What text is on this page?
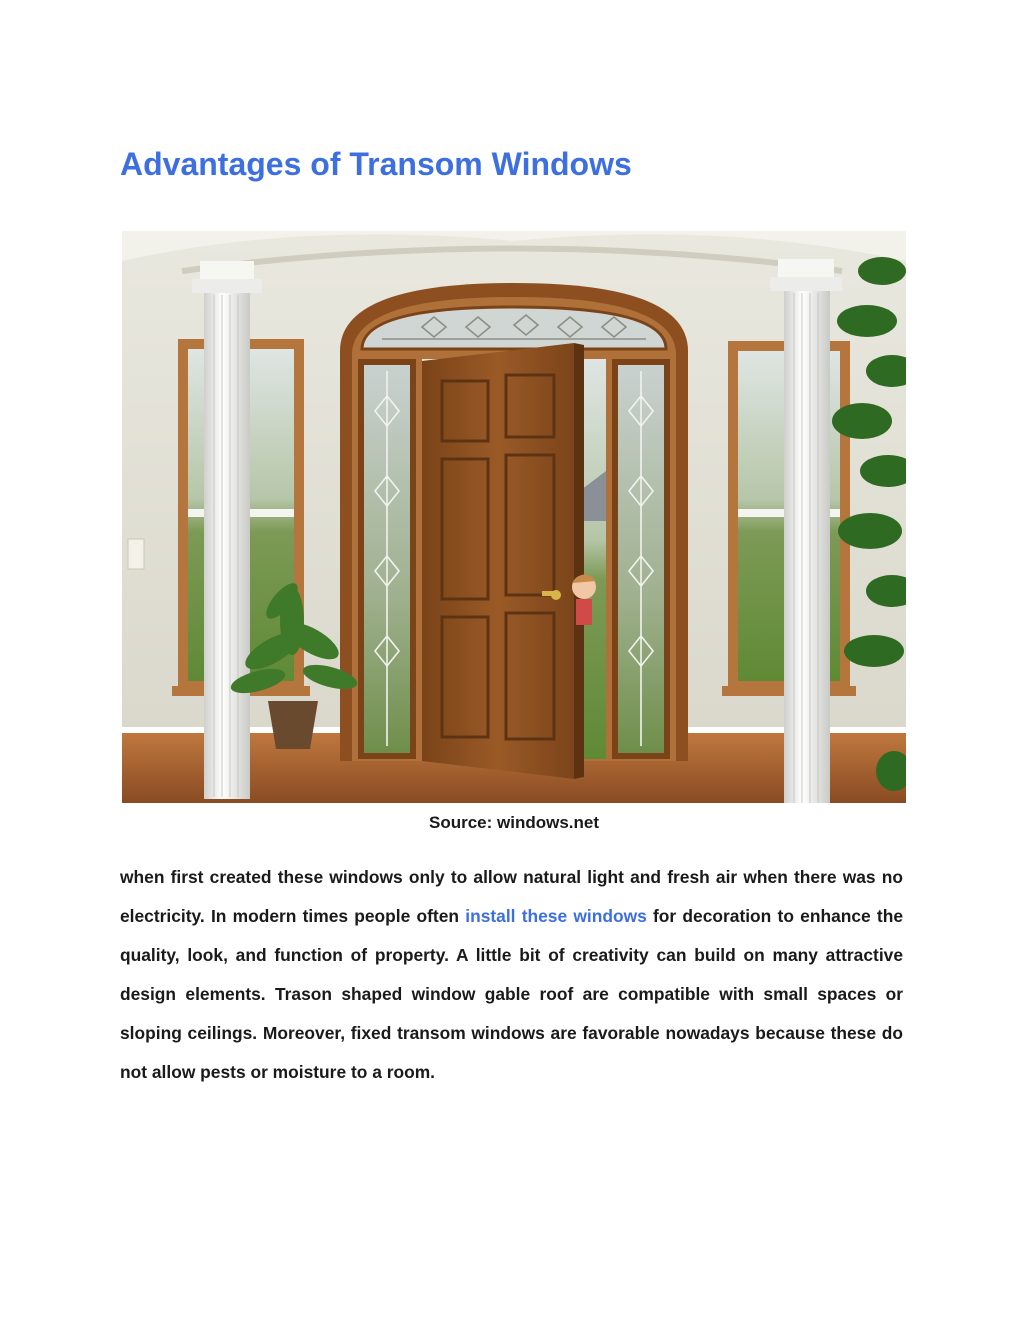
Advantages of Transom Windows
Source: windows.net

when first created these windows only to allow natural light and fresh air when there was no electricity. In modern times people often install these windows for decoration to enhance the quality, look, and function of property. A little bit of creativity can build on many attractive design elements. Trason shaped window gable roof are compatible with small spaces or sloping ceilings. Moreover, fixed transom windows are favorable nowadays because these do not allow pests or moisture to a room.
